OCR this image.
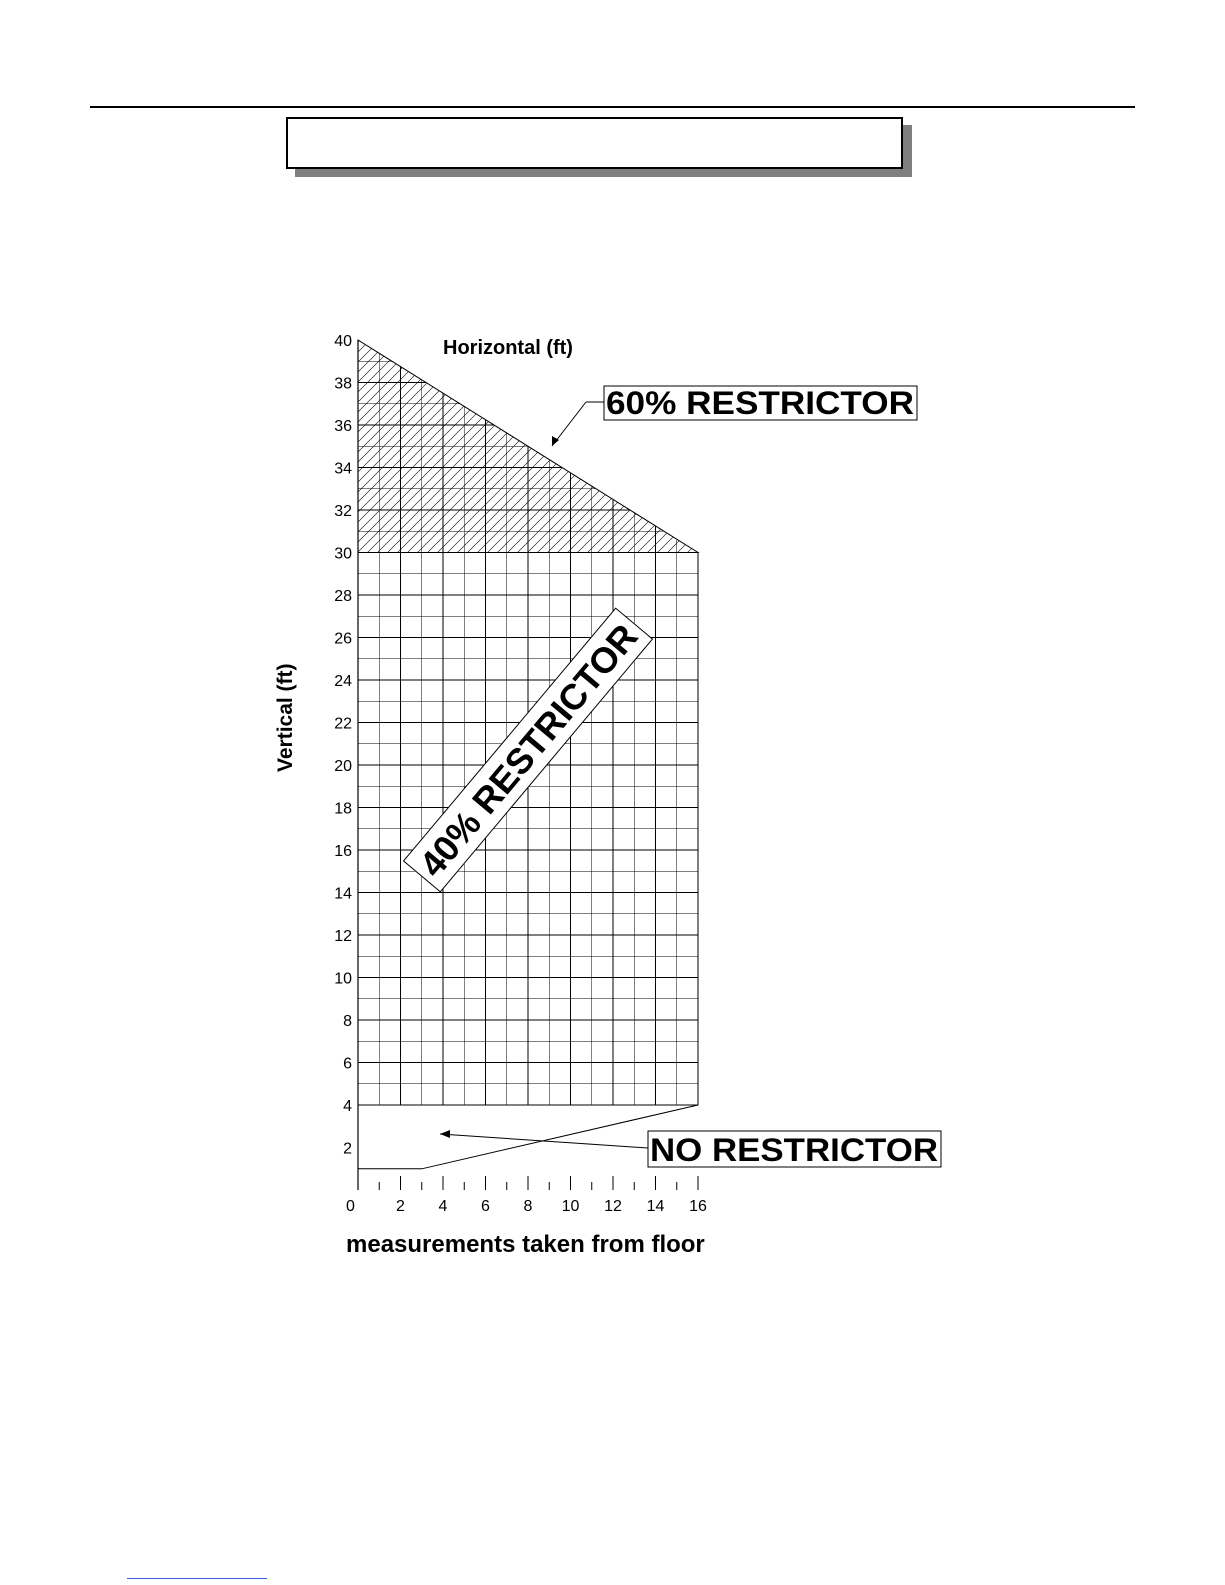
0	2 4 6 8 10 12 14 16
40
38
36
34
32
30
28
26
24
22
20
18
16
14
12
10
8
6
4
2
Horizontal (ft)
Vertical (ft)
measurements taken from floor
60% RESTRICTOR
40% RESTRICTOR
NO RESTRICTOR
